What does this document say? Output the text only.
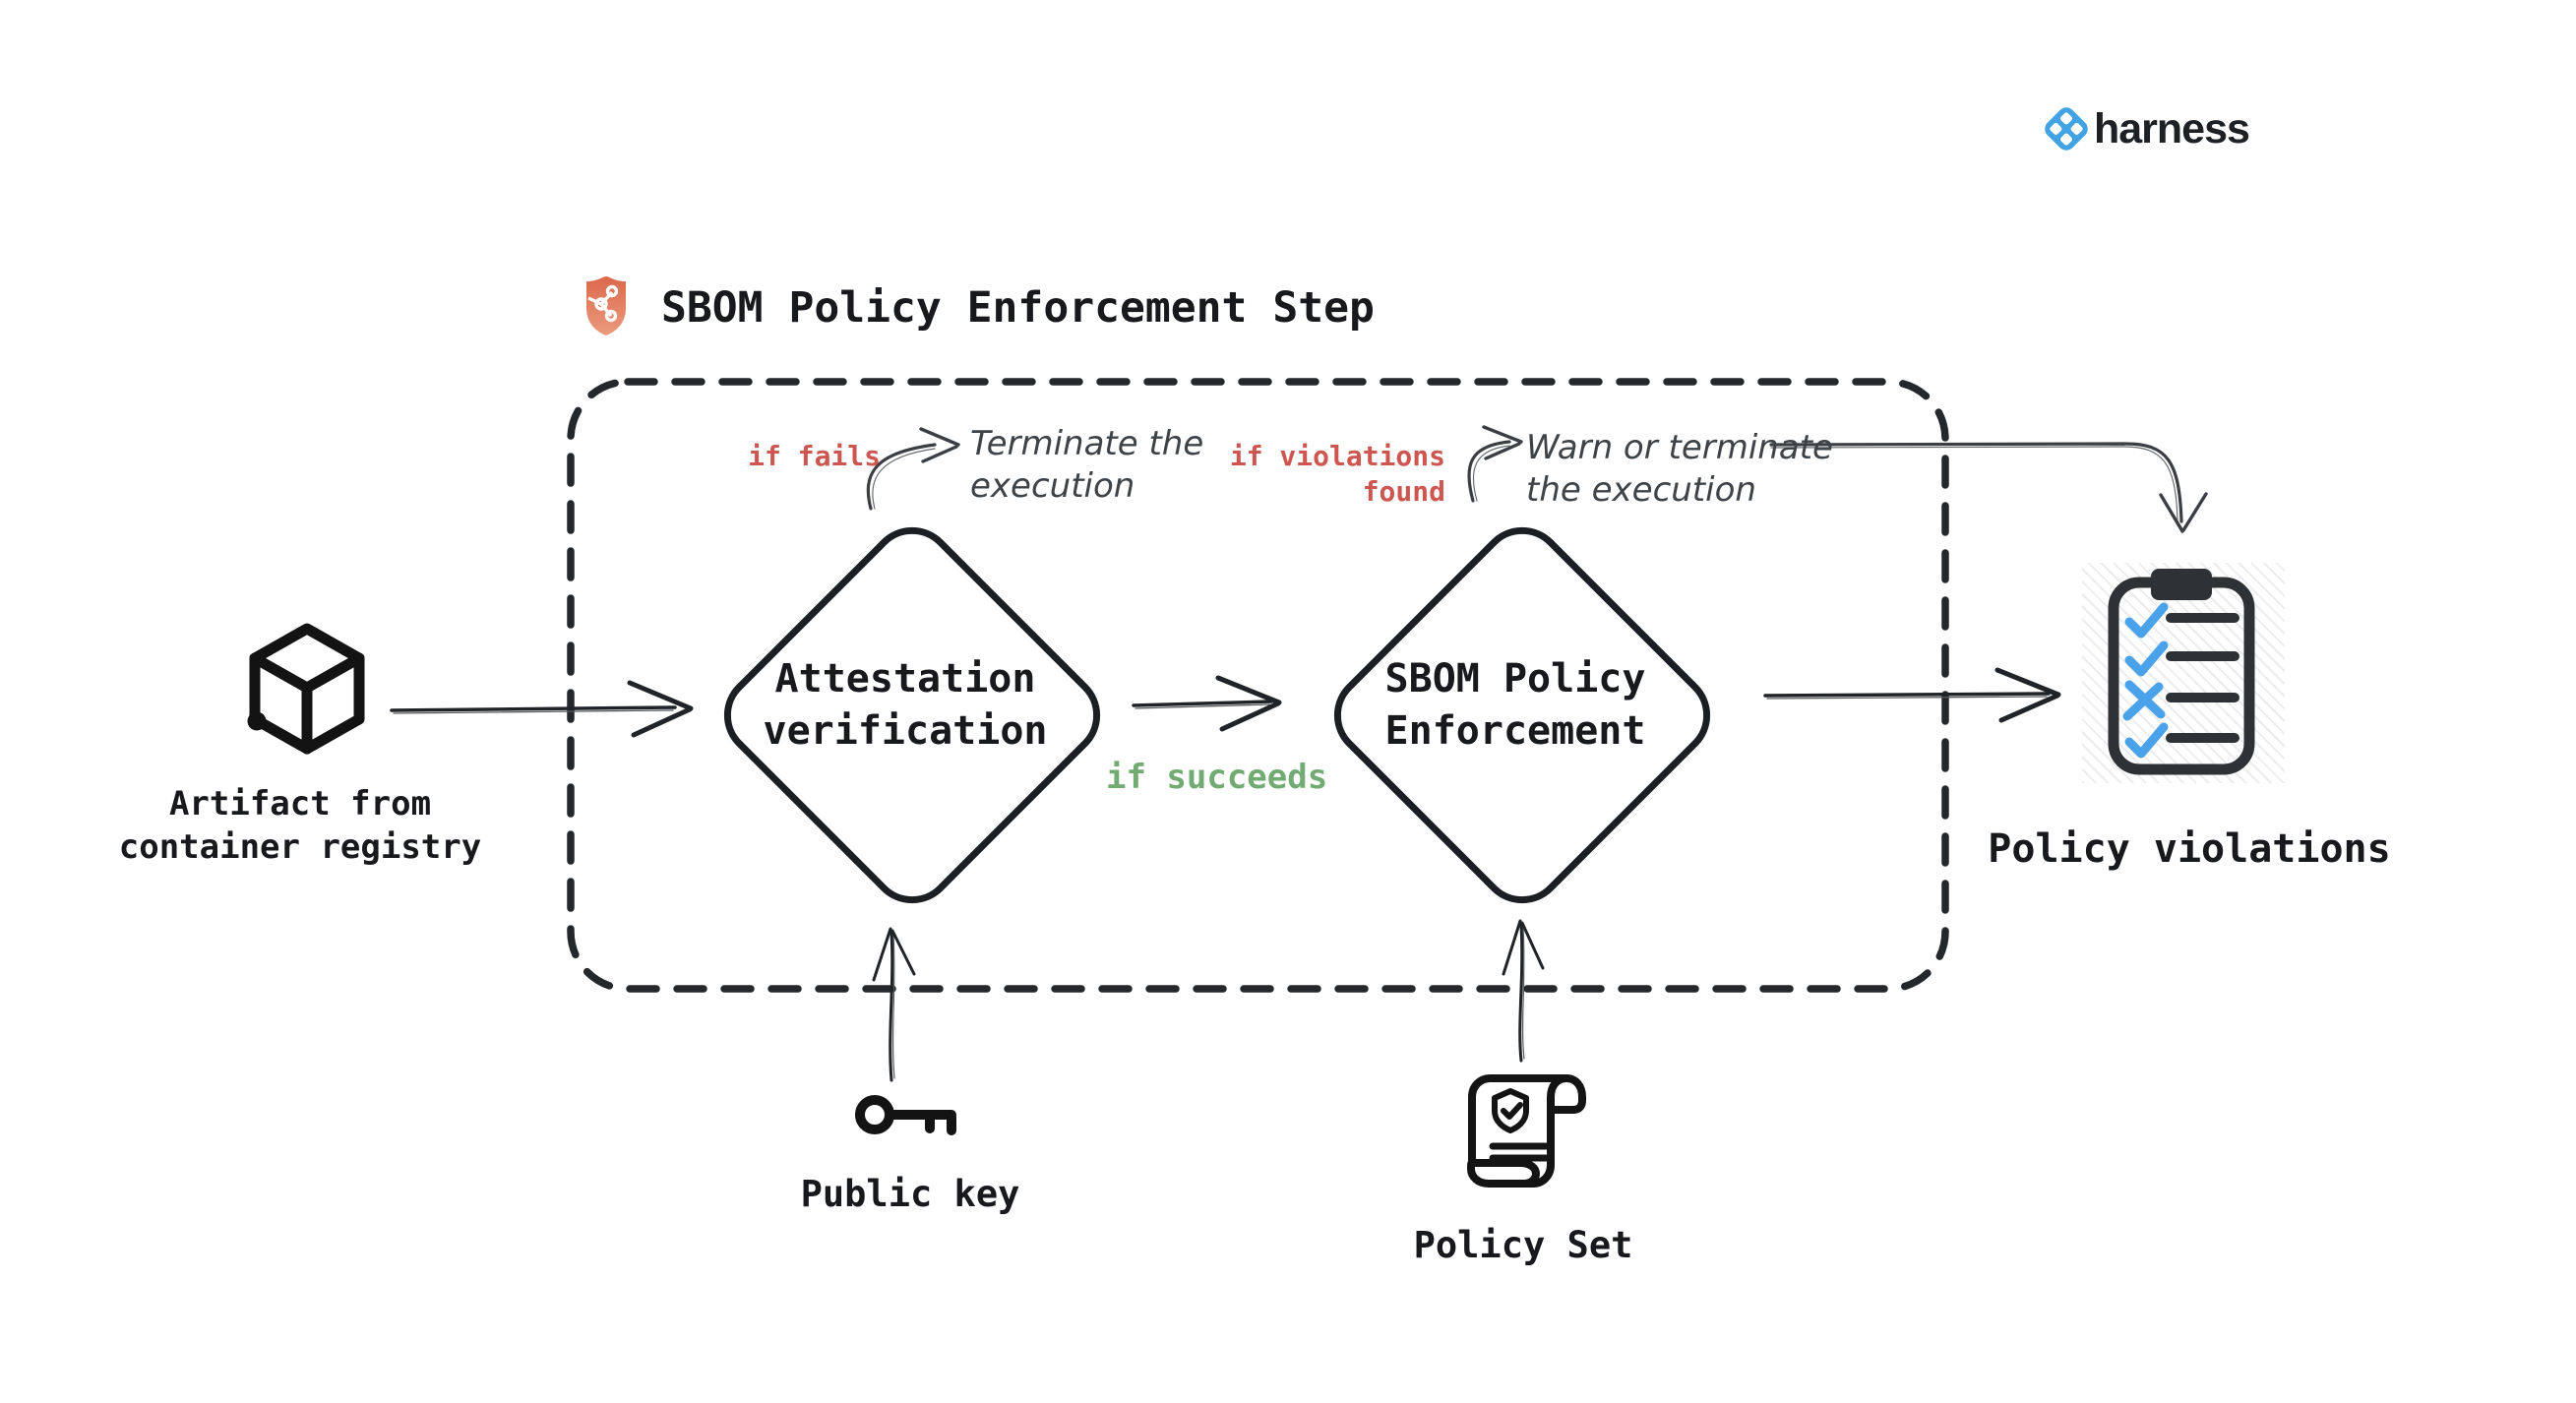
harness
SBOM Policy Enforcement Step
Attestation
verification
SBOM Policy
Enforcement
Artifact from
container registry
Public key
Policy Set
Policy violations
if fails	Terminate the
execution
if violations
found
Warn or terminate
the execution
if succeeds
